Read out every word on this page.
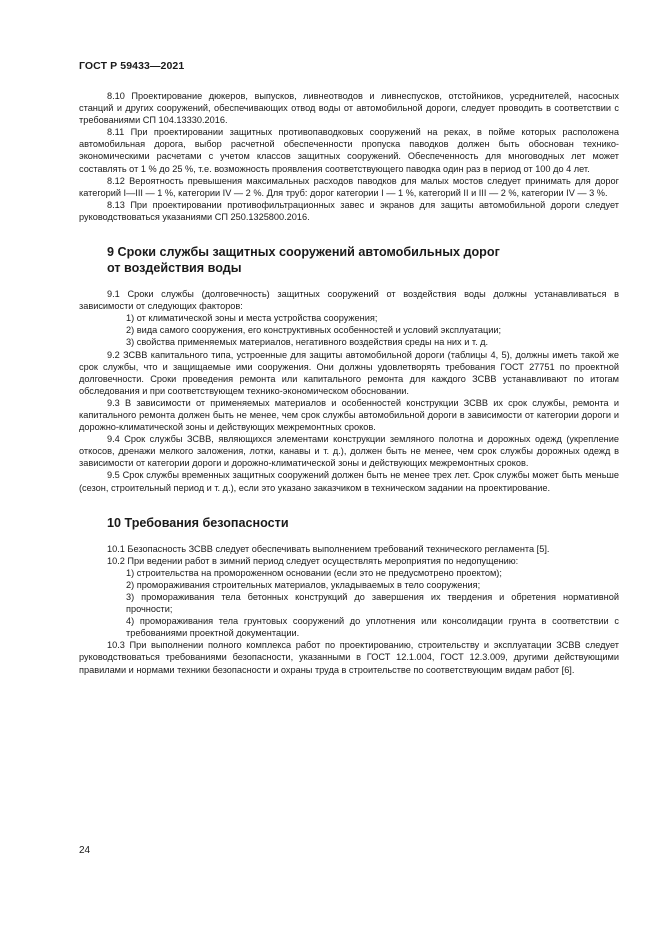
ГОСТ Р 59433—2021

8.10 Проектирование дюкеров, выпусков, ливнеотводов и ливнеспусков, отстойников, усреднителей, насосных станций и других сооружений, обеспечивающих отвод воды от автомобильной дороги, следует проводить в соответствии с требованиями СП 104.13330.2016.

8.11 При проектировании защитных противопаводковых сооружений на реках, в пойме которых расположена автомобильная дорога, выбор расчетной обеспеченности пропуска паводков должен быть обоснован технико-экономическими расчетами с учетом классов защитных сооружений. Обеспеченность для многоводных лет может составлять от 1 % до 25 %, т.е. возможность проявления соответствующего паводка один раз в период от 100 до 4 лет.

8.12 Вероятность превышения максимальных расходов паводков для малых мостов следует принимать для дорог категорий I—III — 1 %, категории IV — 2 %. Для труб: дорог категории I — 1 %, категорий II и III — 2 %, категории IV — 3 %.

8.13 При проектировании противофильтрационных завес и экранов для защиты автомобильной дороги следует руководствоваться указаниями СП 250.1325800.2016.

9 Сроки службы защитных сооружений автомобильных дорог
от воздействия воды

9.1 Сроки службы (долговечность) защитных сооружений от воздействия воды должны устанавливаться в зависимости от следующих факторов:

1) от климатической зоны и места устройства сооружения;

2) вида самого сооружения, его конструктивных особенностей и условий эксплуатации;

3) свойства применяемых материалов, негативного воздействия среды на них и т. д.

9.2 ЗСВВ капитального типа, устроенные для защиты автомобильной дороги (таблицы 4, 5), должны иметь такой же срок службы, что и защищаемые ими сооружения. Они должны удовлетворять требования ГОСТ 27751 по проектной долговечности. Сроки проведения ремонта или капитального ремонта для каждого ЗСВВ устанавливают по итогам обследования и при соответствующем технико-экономическом обосновании.

9.3 В зависимости от применяемых материалов и особенностей конструкции ЗСВВ их срок службы, ремонта и капитального ремонта должен быть не менее, чем срок службы автомобильной дороги в зависимости от категории дороги и дорожно-климатической зоны и действующих межремонтных сроков.

9.4 Срок службы ЗСВВ, являющихся элементами конструкции земляного полотна и дорожных одежд (укрепление откосов, дренажи мелкого заложения, лотки, канавы и т. д.), должен быть не менее, чем срок службы дорожных одежд в зависимости от категории дороги и дорожно-климатической зоны и действующих межремонтных сроков.

9.5 Срок службы временных защитных сооружений должен быть не менее трех лет. Срок службы может быть меньше (сезон, строительный период и т. д.), если это указано заказчиком в техническом задании на проектирование.

10 Требования безопасности

10.1 Безопасность ЗСВВ следует обеспечивать выполнением требований технического регламента [5].

10.2 При ведении работ в зимний период следует осуществлять мероприятия по недопущению:

1) строительства на промороженном основании (если это не предусмотрено проектом);

2) промораживания строительных материалов, укладываемых в тело сооружения;

3) промораживания тела бетонных конструкций до завершения их твердения и обретения нормативной прочности;

4) промораживания тела грунтовых сооружений до уплотнения или консолидации грунта в соответствии с требованиями проектной документации.

10.3 При выполнении полного комплекса работ по проектированию, строительству и эксплуатации ЗСВВ следует руководствоваться требованиями безопасности, указанными в ГОСТ 12.1.004, ГОСТ 12.3.009, другими действующими правилами и нормами техники безопасности и охраны труда в строительстве по соответствующим видам работ [6].

24
